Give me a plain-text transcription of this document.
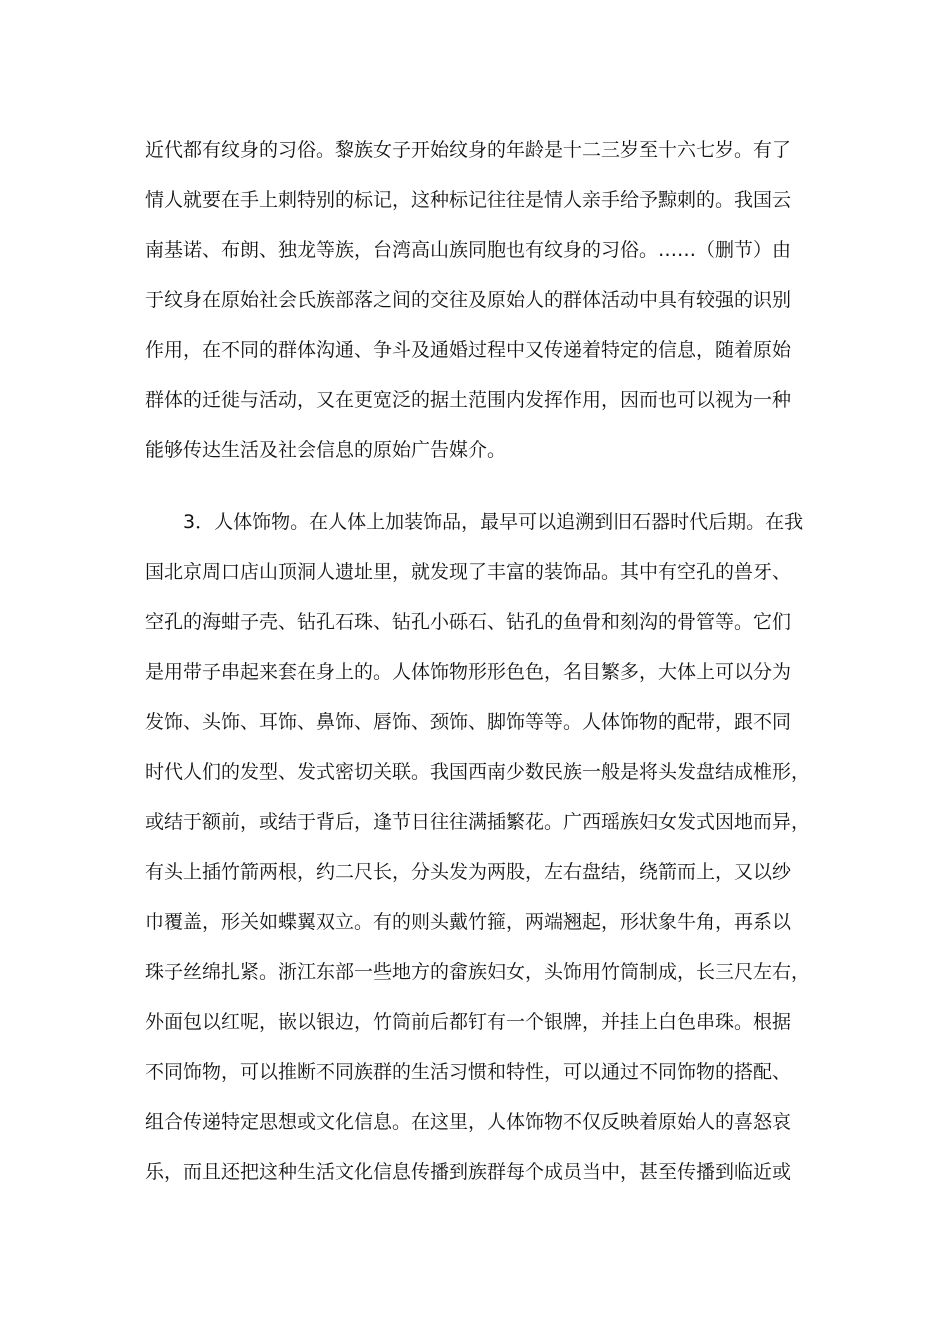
近代都有纹身的习俗。黎族女子开始纹身的年龄是十二三岁至十六七岁。有了
情人就要在手上刺特别的标记，这种标记往往是情人亲手给予黥刺的。我国云
南基诺、布朗、独龙等族，台湾高山族同胞也有纹身的习俗。……（删节）由
于纹身在原始社会氏族部落之间的交往及原始人的群体活动中具有较强的识别
作用，在不同的群体沟通、争斗及通婚过程中又传递着特定的信息，随着原始
群体的迁徙与活动，又在更宽泛的据土范围内发挥作用，因而也可以视为一种
能够传达生活及社会信息的原始广告媒介。
　　3．人体饰物。在人体上加装饰品，最早可以追溯到旧石器时代后期。在我
国北京周口店山顶洞人遗址里，就发现了丰富的装饰品。其中有空孔的兽牙、
空孔的海蚶子壳、钻孔石珠、钻孔小砾石、钻孔的鱼骨和刻沟的骨管等。它们
是用带子串起来套在身上的。人体饰物形形色色，名目繁多，大体上可以分为
发饰、头饰、耳饰、鼻饰、唇饰、颈饰、脚饰等等。人体饰物的配带，跟不同
时代人们的发型、发式密切关联。我国西南少数民族一般是将头发盘结成椎形，
或结于额前，或结于背后，逢节日往往满插繁花。广西瑶族妇女发式因地而异，
有头上插竹箭两根，约二尺长，分头发为两股，左右盘结，绕箭而上，又以纱
巾覆盖，形关如蝶翼双立。有的则头戴竹箍，两端翘起，形状象牛角，再系以
珠子丝绵扎紧。浙江东部一些地方的畲族妇女，头饰用竹筒制成，长三尺左右，
外面包以红呢，嵌以银边，竹筒前后都钉有一个银牌，并挂上白色串珠。根据
不同饰物，可以推断不同族群的生活习惯和特性，可以通过不同饰物的搭配、
组合传递特定思想或文化信息。在这里，人体饰物不仅反映着原始人的喜怒哀
乐，而且还把这种生活文化信息传播到族群每个成员当中，甚至传播到临近或
